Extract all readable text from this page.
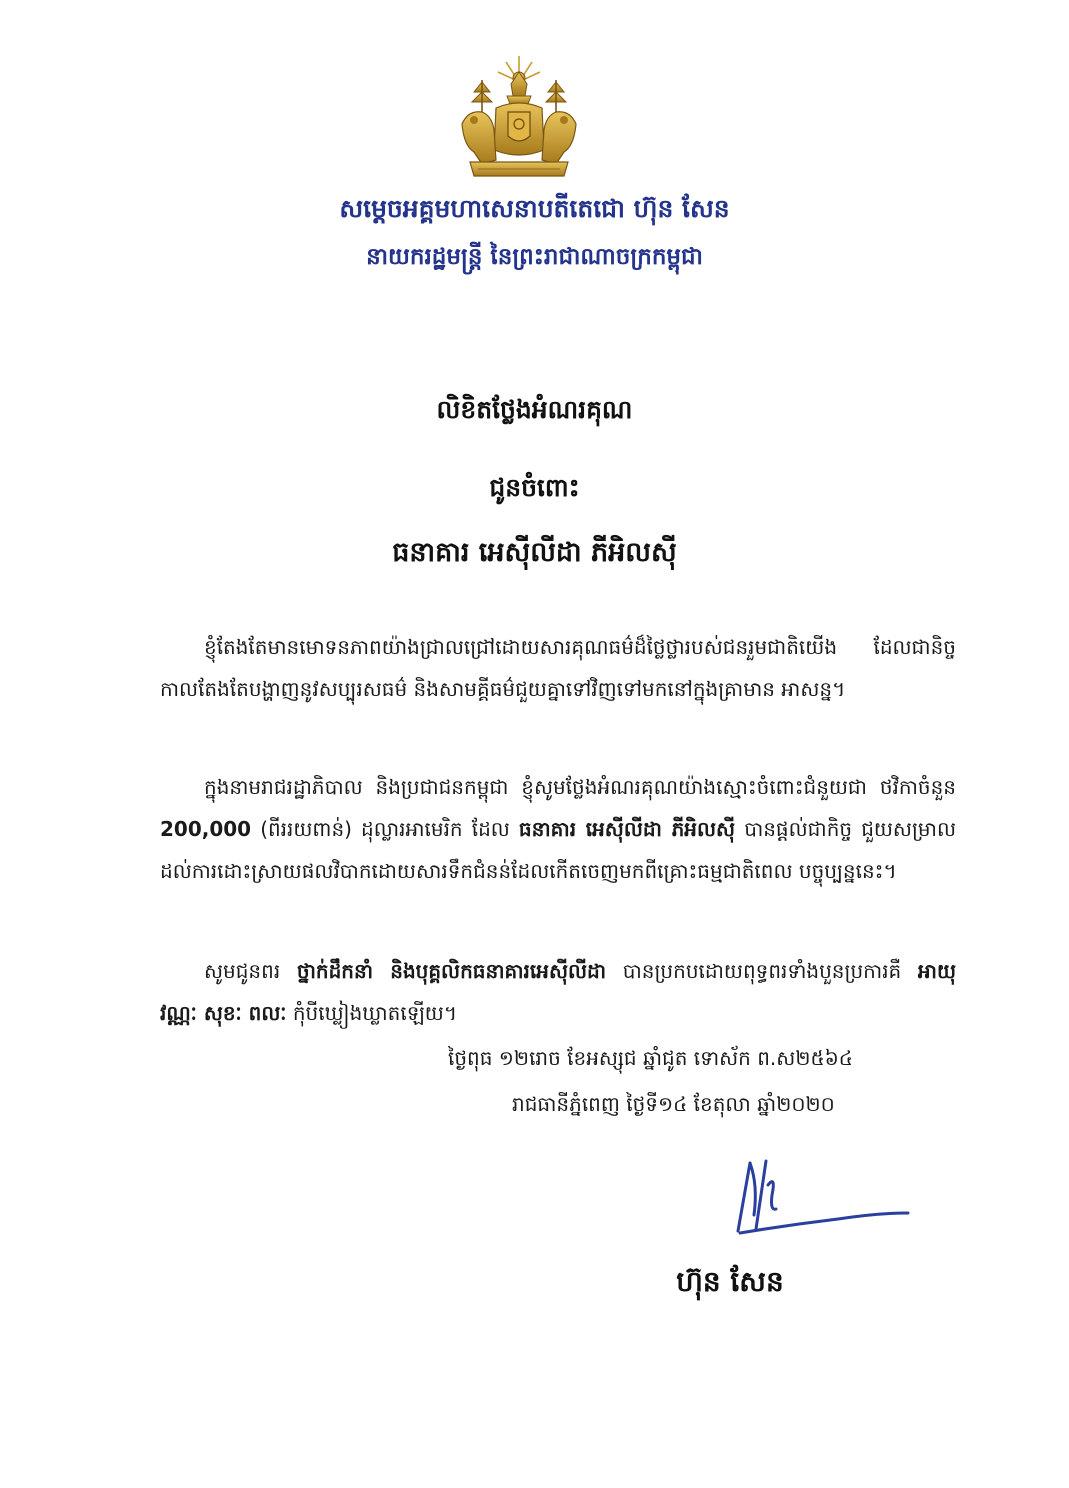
សម្តេចអគ្គមហាសេនាបតីតេជោ ហ៊ុន សែន
នាយករដ្ឋមន្ត្រី នៃព្រះរាជាណាចក្រកម្ពុជា
លិខិតថ្លែងអំណរគុណ
ជូនចំពោះ
ធនាគារ អេស៊ីលីដា ភីអិលស៊ី
ខ្ញុំតែងតែមានមោទនភាពយ៉ាងជ្រាលជ្រៅដោយសារគុណធម៌ដ៏ថ្លៃថ្លារបស់ជនរួមជាតិយើង ដែលជានិច្ចកាលតែងតែបង្ហាញនូវសប្បុរសធម៌ និងសាមគ្គីធម៌ជួយគ្នាទៅវិញទៅមកនៅក្នុងគ្រាមាន អាសន្ន។
ក្នុងនាមរាជរដ្ឋាភិបាល និងប្រជាជនកម្ពុជា ខ្ញុំសូមថ្លែងអំណរគុណយ៉ាងស្មោះចំពោះជំនួយជា ថវិកាចំនួន 200,000 (ពីររយពាន់) ដុល្លារអាមេរិក ដែល ធនាគារ អេស៊ីលីដា ភីអិលស៊ី បានផ្តល់ជាកិច្ច ជួយសម្រាលដល់ការដោះស្រាយផលវិបាកដោយសារទឹកជំនន់ដែលកើតចេញមកពីគ្រោះធម្មជាតិពេល បច្ចុប្បន្ននេះ។
សូមជូនពរ ថ្នាក់ដឹកនាំ និងបុគ្គលិកធនាគារអេស៊ីលីដា បានប្រកបដោយពុទ្ធពរទាំងបួនប្រការគឺ អាយុ វណ្ណៈ សុខៈ ពលៈ កុំបីឃ្លៀងឃ្លាតឡើយ។
ថ្ងៃពុធ ១២រោច ខែអស្សុជ ឆ្នាំជូត ទោស័ក ព.ស២៥៦៤
រាជធានីភ្នំពេញ ថ្ងៃទី១៤ ខែតុលា ឆ្នាំ២០២០
ហ៊ុន សែន
